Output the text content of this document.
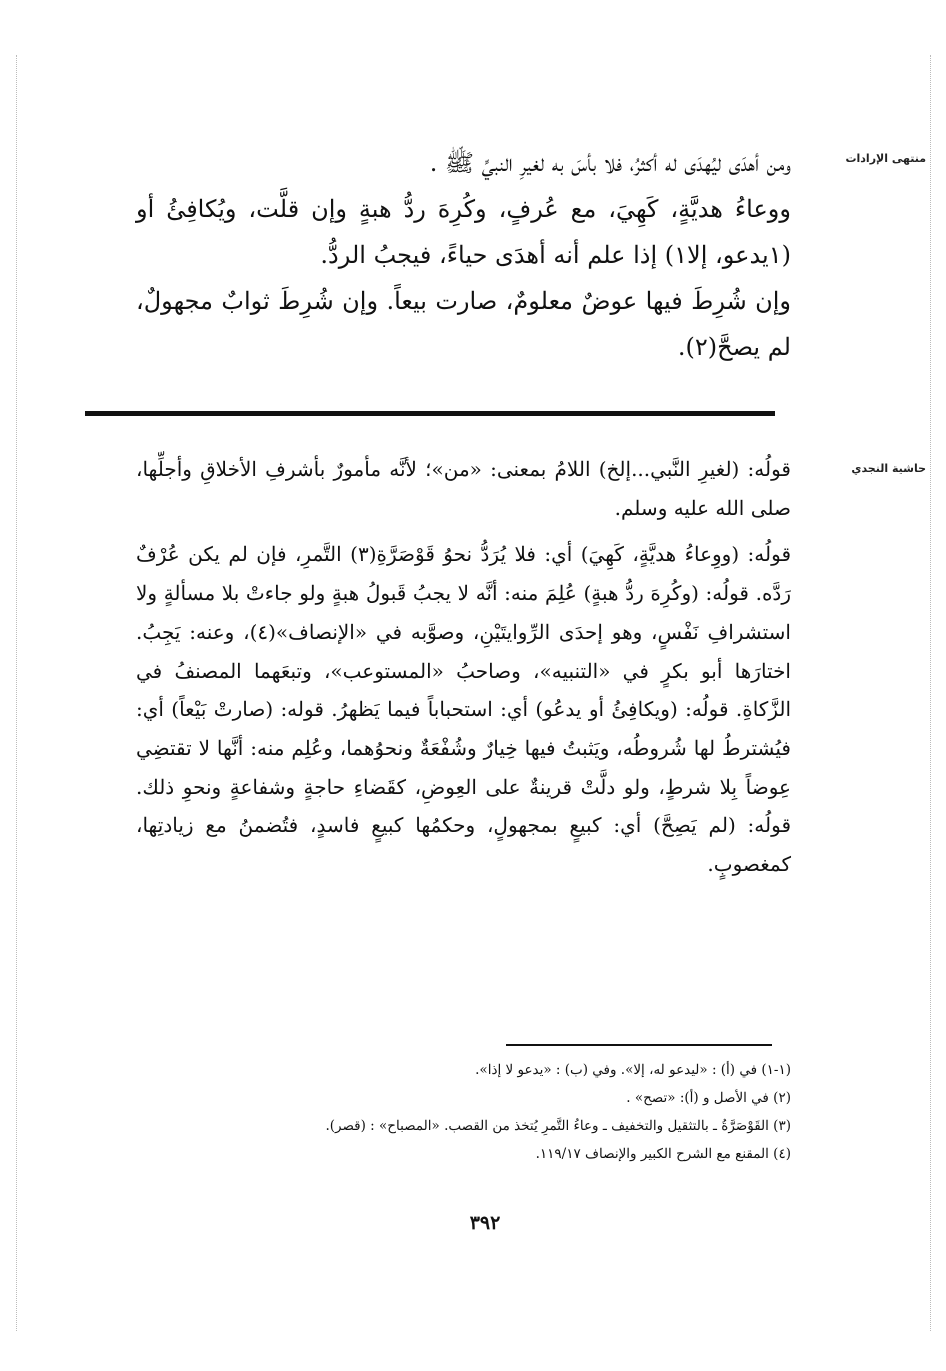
منتهى الإرادات
حاشية النجدي

ومن أهدَى ليُهدَى له أكثرُ، فلا بأسَ به لغيرِ النبيِّ ﷺ .

ووعاءُ هديَّةٍ، كَهِيَ، مع عُرفٍ، وكُرِهَ ردُّ هبةٍ وإن قلَّت، ويُكافِئُ أو (١يدعو، إلا١) إذا علم أنه أهدَى حياءً، فيجبُ الردُّ.

وإن شُرِطَ فيها عوضٌ معلومٌ، صارت بيعاً. وإن شُرِطَ ثوابٌ مجهولٌ، لم يصحَّ(٢).

قولُه: (لغيرِ النَّبي...إلخ) اللامُ بمعنى: «من»؛ لأنَّه مأمورٌ بأشرفِ الأخلاقِ وأجلِّها، صلى الله عليه وسلم.

قولُه: (ووِعاءُ هديَّةٍ، كَهِيَ) أي: فلا يُرَدُّ نحوُ قَوْصَرَّةِ(٣) التَّمرِ، فإن لم يكن عُرْفٌ رَدَّه. قولُه: (وكُرِهَ ردُّ هبةٍ) عُلِمَ منه: أنَّه لا يجبُ قَبولُ هبةٍ ولو جاءتْ بلا مسألةٍ ولا استشرافِ نَفْسٍ، وهو إحدَى الرِّوايتَيْنِ، وصوَّبه في «الإنصاف»(٤)، وعنه: يَجِبُ. اختارَها أبو بكرٍ في «التنبيه»، وصاحبُ «المستوعب»، وتبعَهما المصنفُ في الزَّكاةِ. قولُه: (ويكافِئُ أو يدعُو) أي: استحباباً فيما يَظهرُ. قوله: (صارتْ بَيْعاً) أي: فيُشترطُ لها شُروطُه، ويَثبتُ فيها خِيارٌ وشُفْعَةٌ ونحوُهما، وعُلِم منه: أنَّها لا تقتضِي عِوضاً بِلا شرطٍ، ولو دلَّتْ قرينةٌ على العِوضِ، كقَضاءِ حاجةٍ وشفاعةٍ ونحوِ ذلك. قولُه: (لم يَصِحَّ) أي: كبيعٍ بمجهولٍ، وحكمُها كبيعٍ فاسدٍ، فتُضمنُ مع زيادتِها، كمغصوبٍ.

(١-١) في (أ) : «ليدعو له، إلا». وفي (ب) : «يدعو لا إذا».

(٢) في الأصل و (أ): «تصح» .

(٣) القَوْصَرَّةُ ـ بالتثقيل والتخفيف ـ وعاءُ التَّمرِ يُتخذ من القصب. «المصباح» : (قصر).

(٤) المقنع مع الشرح الكبير والإنصاف ١١٩/١٧.

٣٩٢
